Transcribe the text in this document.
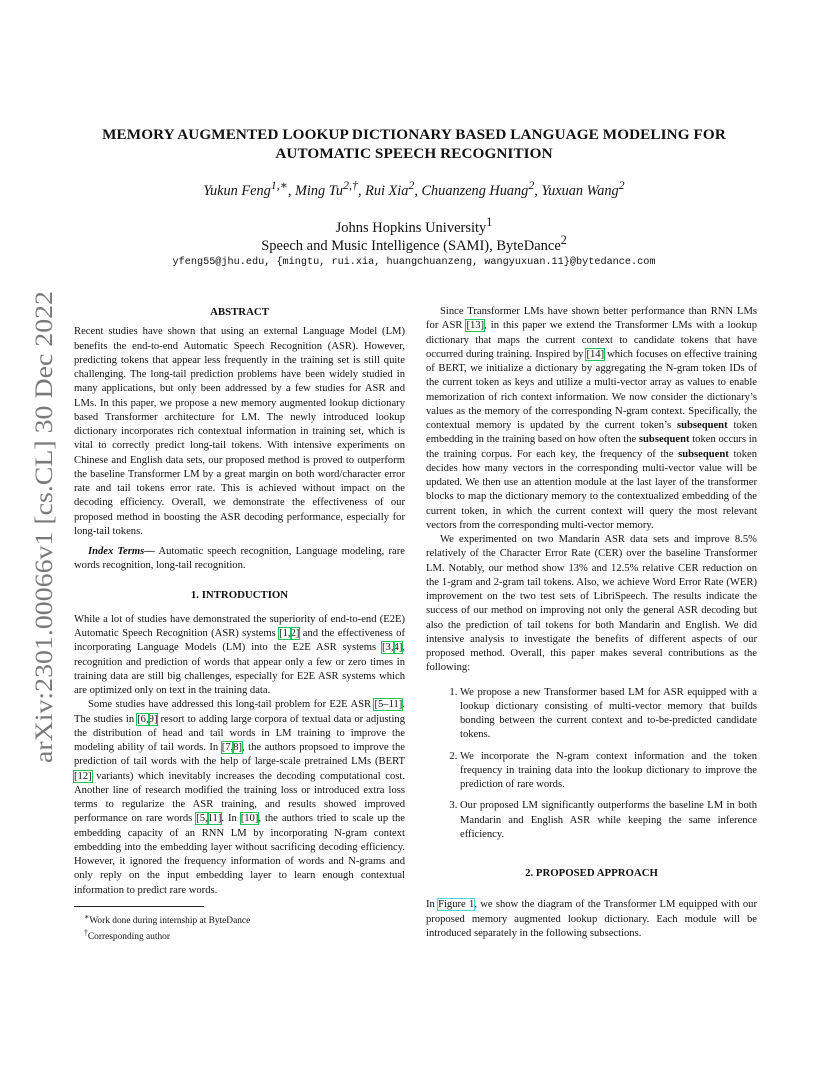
arXiv:2301.00066v1 [cs.CL] 30 Dec 2022
MEMORY AUGMENTED LOOKUP DICTIONARY BASED LANGUAGE MODELING FOR
AUTOMATIC SPEECH RECOGNITION
Yukun Feng$^{1,∗}$, Ming $Tu^{2,\dagger}$, Rui Xia$^2$, Chuanzeng Huang$^2$, Yuxuan Wang$^2$
Johns Hopkins University$^1$
Speech and Music Intelligence (SAMI), ByteDance$^2$
yfeng55@jhu.edu, {mingtu, rui.xia, huangchuanzeng, wangyuxuan.11}@bytedance.com
ABSTRACT

Recent studies have shown that using an external Language Model (LM) benefits the end-to-end Automatic Speech Recognition (ASR). However, predicting tokens that appear less frequently in the training set is still quite challenging. The long-tail prediction problems have been widely studied in many applications, but only been addressed by a few studies for ASR and LMs. In this paper, we propose a new memory augmented lookup dictionary based Transformer architecture for LM. The newly introduced lookup dictionary incorporates rich contextual information in training set, which is vital to correctly predict long-tail tokens. With intensive experiments on Chinese and English data sets, our proposed method is proved to outperform the baseline Transformer LM by a great margin on both word/character error rate and tail tokens error rate. This is achieved without impact on the decoding efficiency. Overall, we demonstrate the effectiveness of our proposed method in boosting the ASR decoding performance, especially for long-tail tokens.

Index Terms— Automatic speech recognition, Language modeling, rare words recognition, long-tail recognition.

1. INTRODUCTION

While a lot of studies have demonstrated the superiority of end-to-end (E2E) Automatic Speech Recognition (ASR) systems [1,2] and the effectiveness of incorporating Language Models (LM) into the E2E ASR systems [3,4], recognition and prediction of words that appear only a few or zero times in training data are still big challenges, especially for E2E ASR systems which are optimized only on text in the training data.

Some studies have addressed this long-tail problem for E2E ASR [5–11]. The studies in [6,9] resort to adding large corpora of textual data or adjusting the distribution of head and tail words in LM training to improve the modeling ability of tail words. In [7,8], the authors propsoed to improve the prediction of tail words with the help of large-scale pretrained LMs (BERT [12] variants) which inevitably increases the decoding computational cost. Another line of research modified the training loss or introduced extra loss terms to regularize the ASR training, and results showed improved performance on rare words [5,11]. In [10], the authors tried to scale up the embedding capacity of an RNN LM by incorporating N-gram context embedding into the embedding layer without sacrificing decoding efficiency. However, it ignored the frequency information of words and N-grams and only reply on the input embedding layer to learn enough contextual information to predict rare words.

∗Work done during internship at ByteDance
†Corresponding author

Since Transformer LMs have shown better performance than RNN LMs for ASR [13], in this paper we extend the Transformer LMs with a lookup dictionary that maps the current context to candidate tokens that have occurred during training. Inspired by [14] which focuses on effective training of BERT, we initialize a dictionary by aggregating the N-gram token IDs of the current token as keys and utilize a multi-vector array as values to enable memorization of rich context information. We now consider the dictionary’s values as the memory of the corresponding N-gram context. Specifically, the contextual memory is updated by the current token’s subsequent token embedding in the training based on how often the subsequent token occurs in the training corpus. For each key, the frequency of the subsequent token decides how many vectors in the corresponding multi-vector value will be updated. We then use an attention module at the last layer of the transformer blocks to map the dictionary memory to the contextualized embedding of the current token, in which the current context will query the most relevant vectors from the corresponding multi-vector memory.

We experimented on two Mandarin ASR data sets and improve 8.5% relatively of the Character Error Rate (CER) over the baseline Transformer LM. Notably, our method show 13% and 12.5% relative CER reduction on the 1-gram and 2-gram tail tokens. Also, we achieve Word Error Rate (WER) improvement on the two test sets of LibriSpeech. The results indicate the success of our method on improving not only the general ASR decoding but also the prediction of tail tokens for both Mandarin and English. We did intensive analysis to investigate the benefits of different aspects of our proposed method. Overall, this paper makes several contributions as the following:

1. We propose a new Transformer based LM for ASR equipped with a lookup dictionary consisting of multi-vector memory that builds bonding between the current context and to-be-predicted candidate tokens.
2. We incorporate the N-gram context information and the token frequency in training data into the lookup dictionary to improve the prediction of rare words.
3. Our proposed LM significantly outperforms the baseline LM in both Mandarin and English ASR while keeping the same inference efficiency.
2. PROPOSED APPROACH

In Figure 1, we show the diagram of the Transformer LM equipped with our proposed memory augmented lookup dictionary. Each module will be introduced separately in the following subsections.
